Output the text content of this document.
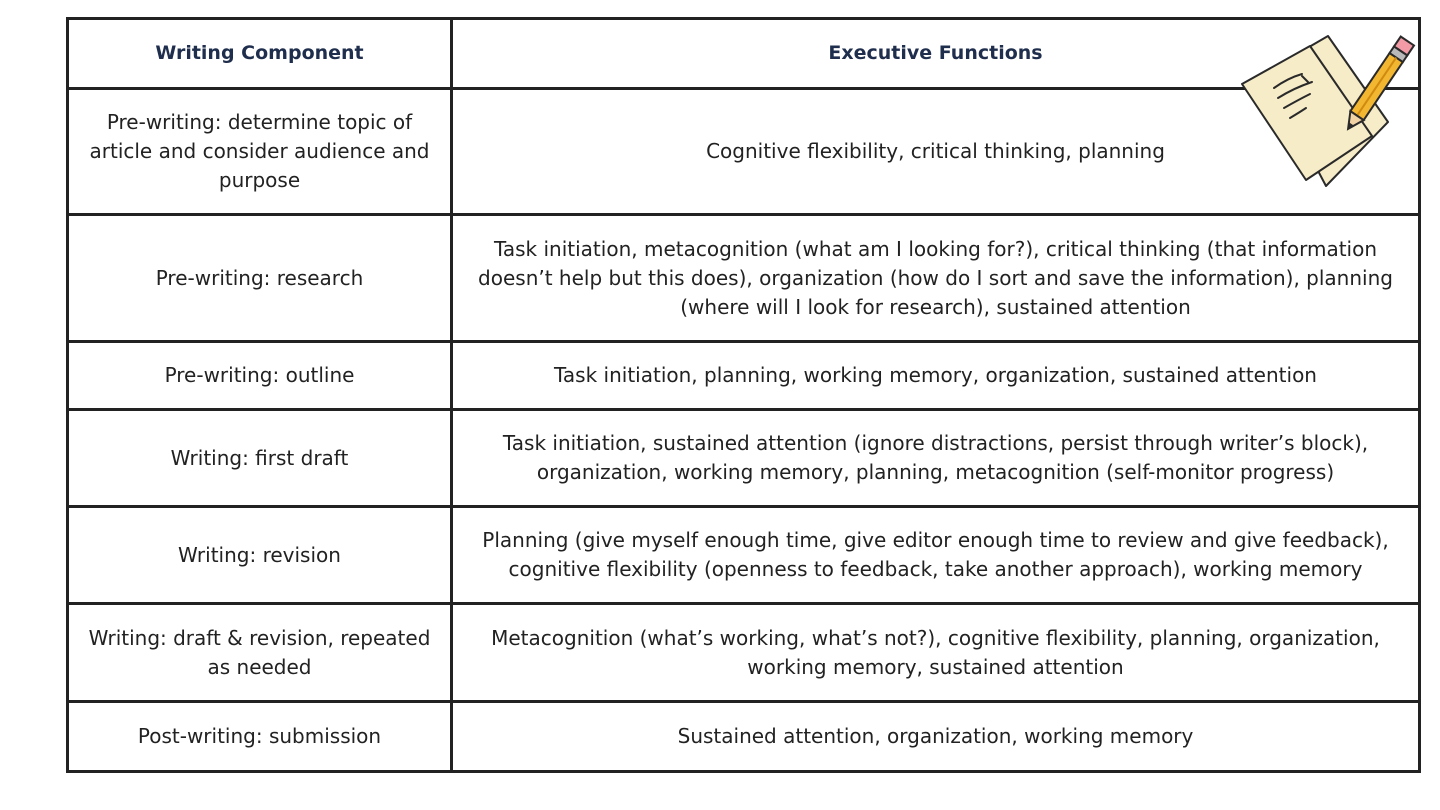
Writing Component	Executive Functions
Pre-writing: determine topic of article and consider audience and purpose	Cognitive flexibility, critical thinking, planning
Pre-writing: research	Task initiation, metacognition (what am I looking for?), critical thinking (that information doesn’t help but this does), organization (how do I sort and save the information), planning (where will I look for research), sustained attention
Pre-writing: outline	Task initiation, planning, working memory, organization, sustained attention
Writing: first draft	Task initiation, sustained attention (ignore distractions, persist through writer’s block), organization, working memory, planning, metacognition (self-monitor progress)
Writing: revision	Planning (give myself enough time, give editor enough time to review and give feedback), cognitive flexibility (openness to feedback, take another approach), working memory
Writing: draft & revision, repeated as needed	Metacognition (what’s working, what’s not?), cognitive flexibility, planning, organization, working memory, sustained attention
Post-writing: submission	Sustained attention, organization, working memory
